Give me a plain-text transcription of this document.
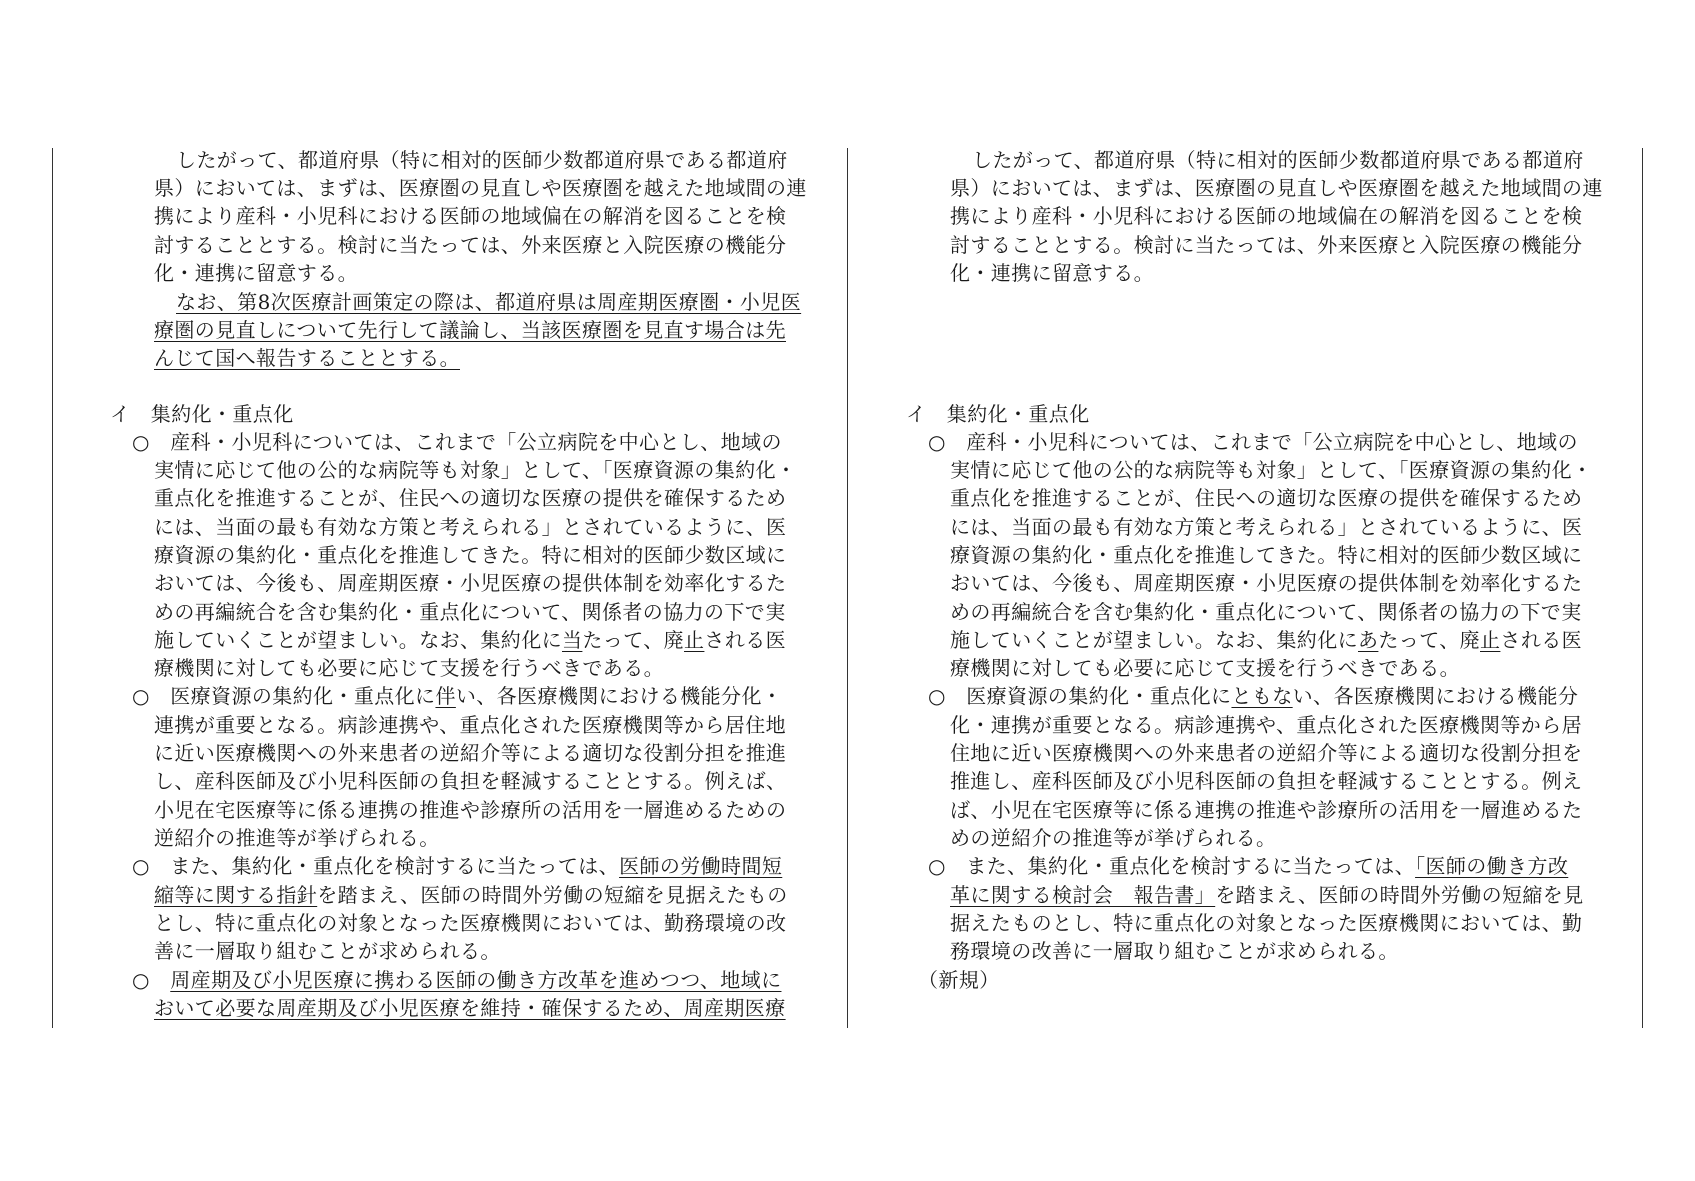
したがって、都道府県（特に相対的医師少数都道府県である都道府
県）においては、まずは、医療圏の見直しや医療圏を越えた地域間の連
携により産科・小児科における医師の地域偏在の解消を図ることを検
討することとする。検討に当たっては、外来医療と入院医療の機能分
化・連携に留意する。
なお、第8次医療計画策定の際は、都道府県は周産期医療圏・小児医
療圏の見直しについて先行して議論し、当該医療圏を見直す場合は先
んじて国へ報告することとする。
イ　集約化・重点化
○　産科・小児科については、これまで「公立病院を中心とし、地域の
実情に応じて他の公的な病院等も対象」として、「医療資源の集約化・
重点化を推進することが、住民への適切な医療の提供を確保するため
には、当面の最も有効な方策と考えられる」とされているように、医
療資源の集約化・重点化を推進してきた。特に相対的医師少数区域に
おいては、今後も、周産期医療・小児医療の提供体制を効率化するた
めの再編統合を含む集約化・重点化について、関係者の協力の下で実
施していくことが望ましい。なお、集約化に当たって、廃止される医
療機関に対しても必要に応じて支援を行うべきである。
○　医療資源の集約化・重点化に伴い、各医療機関における機能分化・
連携が重要となる。病診連携や、重点化された医療機関等から居住地
に近い医療機関への外来患者の逆紹介等による適切な役割分担を推進
し、産科医師及び小児科医師の負担を軽減することとする。例えば、
小児在宅医療等に係る連携の推進や診療所の活用を一層進めるための
逆紹介の推進等が挙げられる。
○　また、集約化・重点化を検討するに当たっては、医師の労働時間短
縮等に関する指針を踏まえ、医師の時間外労働の短縮を見据えたもの
とし、特に重点化の対象となった医療機関においては、勤務環境の改
善に一層取り組むことが求められる。
○　周産期及び小児医療に携わる医師の働き方改革を進めつつ、地域に
おいて必要な周産期及び小児医療を維持・確保するため、周産期医療
したがって、都道府県（特に相対的医師少数都道府県である都道府
県）においては、まずは、医療圏の見直しや医療圏を越えた地域間の連
携により産科・小児科における医師の地域偏在の解消を図ることを検
討することとする。検討に当たっては、外来医療と入院医療の機能分
化・連携に留意する。
イ　集約化・重点化
○　産科・小児科については、これまで「公立病院を中心とし、地域の
実情に応じて他の公的な病院等も対象」として、「医療資源の集約化・
重点化を推進することが、住民への適切な医療の提供を確保するため
には、当面の最も有効な方策と考えられる」とされているように、医
療資源の集約化・重点化を推進してきた。特に相対的医師少数区域に
おいては、今後も、周産期医療・小児医療の提供体制を効率化するた
めの再編統合を含む集約化・重点化について、関係者の協力の下で実
施していくことが望ましい。なお、集約化にあたって、廃止される医
療機関に対しても必要に応じて支援を行うべきである。
○　医療資源の集約化・重点化にともない、各医療機関における機能分
化・連携が重要となる。病診連携や、重点化された医療機関等から居
住地に近い医療機関への外来患者の逆紹介等による適切な役割分担を
推進し、産科医師及び小児科医師の負担を軽減することとする。例え
ば、小児在宅医療等に係る連携の推進や診療所の活用を一層進めるた
めの逆紹介の推進等が挙げられる。
○　また、集約化・重点化を検討するに当たっては、「医師の働き方改
革に関する検討会　報告書」を踏まえ、医師の時間外労働の短縮を見
据えたものとし、特に重点化の対象となった医療機関においては、勤
務環境の改善に一層取り組むことが求められる。
（新規）
